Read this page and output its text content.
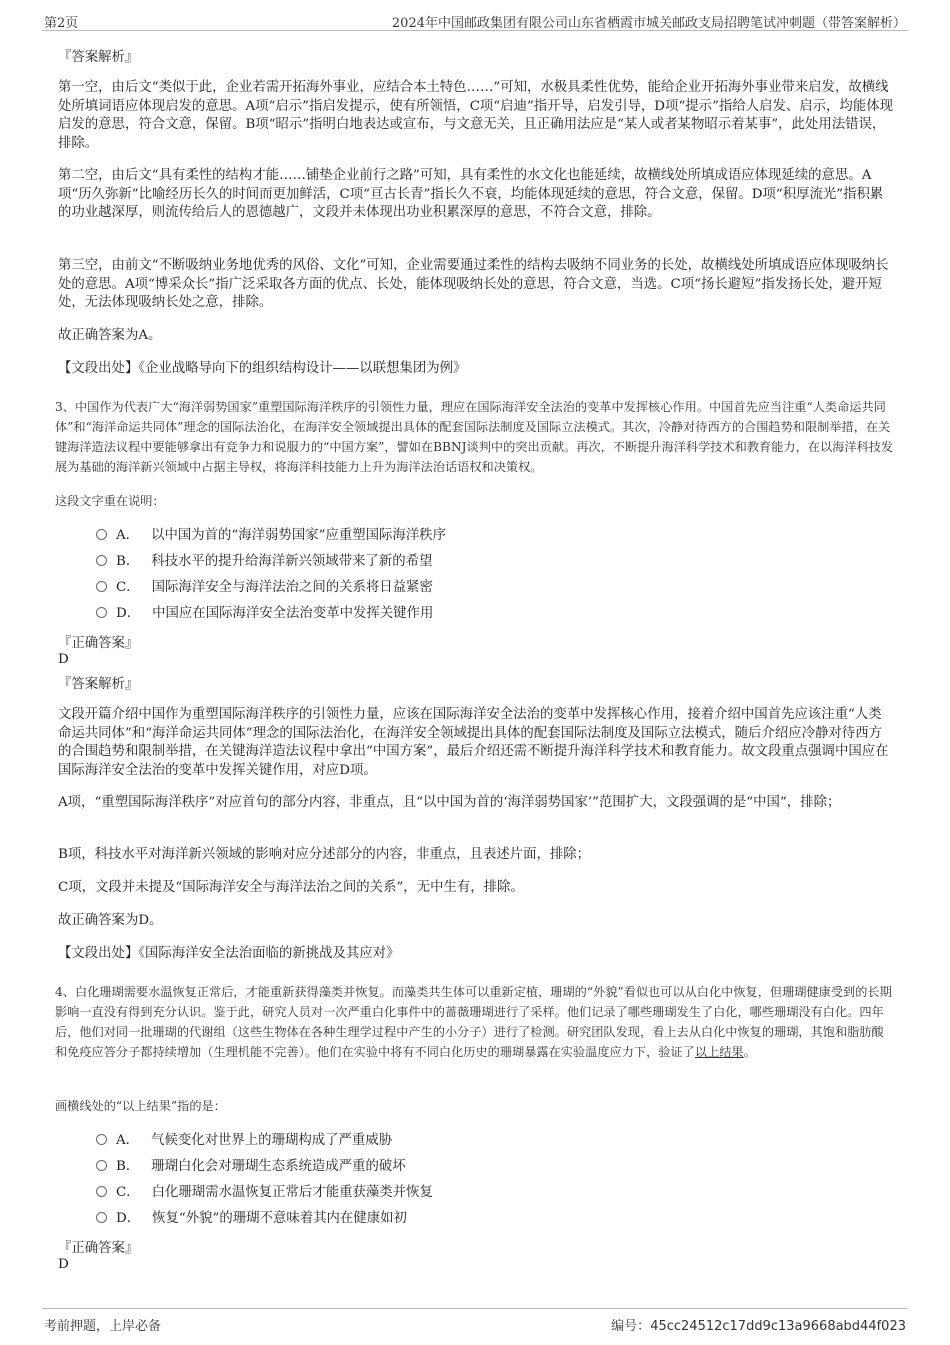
第2页	2024年中国邮政集团有限公司山东省栖霞市城关邮政支局招聘笔试冲刺题（带答案解析）

『答案解析』

第一空，由后文“类似于此，企业若需开拓海外事业，应结合本土特色……”可知，水极具柔性优势，能给企业开拓海外事业带来启发，故横线处所填词语应体现启发的意思。A项“启示”指启发提示，使有所领悟，C项“启迪”指开导，启发引导，D项“提示”指给人启发、启示，均能体现启发的意思，符合文意，保留。B项“昭示”指明白地表达或宣布，与文意无关，且正确用法应是“某人或者某物昭示着某事”，此处用法错误，排除。

第二空，由后文“具有柔性的结构才能……铺垫企业前行之路”可知，具有柔性的水文化也能延续，故横线处所填成语应体现延续的意思。A项“历久弥新”比喻经历长久的时间而更加鲜活，C项“亘古长青”指长久不衰，均能体现延续的意思，符合文意，保留。D项“积厚流光”指积累的功业越深厚，则流传给后人的恩德越广，文段并未体现出功业积累深厚的意思，不符合文意，排除。

第三空，由前文“不断吸纳业务地优秀的风俗、文化”可知，企业需要通过柔性的结构去吸纳不同业务的长处，故横线处所填成语应体现吸纳长处的意思。A项“博采众长”指广泛采取各方面的优点、长处，能体现吸纳长处的意思，符合文意，当选。C项“扬长避短”指发扬长处，避开短处，无法体现吸纳长处之意，排除。

故正确答案为A。

【文段出处】《企业战略导向下的组织结构设计——以联想集团为例》

3、中国作为代表广大“海洋弱势国家”重塑国际海洋秩序的引领性力量，理应在国际海洋安全法治的变革中发挥核心作用。中国首先应当注重“人类命运共同体”和“海洋命运共同体”理念的国际法治化，在海洋安全领域提出具体的配套国际法制度及国际立法模式。其次，冷静对待西方的合围趋势和限制举措，在关键海洋造法议程中要能够拿出有竞争力和说服力的“中国方案”，譬如在BBNJ谈判中的突出贡献。再次，不断提升海洋科学技术和教育能力，在以海洋科技发展为基础的海洋新兴领域中占据主导权，将海洋科技能力上升为海洋法治话语权和决策权。

这段文字重在说明：

A． 以中国为首的“海洋弱势国家”应重塑国际海洋秩序
B． 科技水平的提升给海洋新兴领域带来了新的希望
C． 国际海洋安全与海洋法治之间的关系将日益紧密
D． 中国应在国际海洋安全法治变革中发挥关键作用

『正确答案』

D

『答案解析』

文段开篇介绍中国作为重塑国际海洋秩序的引领性力量，应该在国际海洋安全法治的变革中发挥核心作用，接着介绍中国首先应该注重“人类命运共同体”和“海洋命运共同体”理念的国际法治化，在海洋安全领域提出具体的配套国际法制度及国际立法模式，随后介绍应冷静对待西方的合围趋势和限制举措，在关键海洋造法议程中拿出“中国方案”，最后介绍还需不断提升海洋科学技术和教育能力。故文段重点强调中国应在国际海洋安全法治的变革中发挥关键作用，对应D项。

A项，“重塑国际海洋秩序”对应首句的部分内容，非重点，且“以中国为首的‘海洋弱势国家’”范围扩大，文段强调的是“中国”，排除；

B项，科技水平对海洋新兴领域的影响对应分述部分的内容，非重点，且表述片面，排除；

C项，文段并未提及“国际海洋安全与海洋法治之间的关系”，无中生有，排除。

故正确答案为D。

【文段出处】《国际海洋安全法治面临的新挑战及其应对》

4、白化珊瑚需要水温恢复正常后，才能重新获得藻类并恢复。而藻类共生体可以重新定植，珊瑚的“外貌”看似也可以从白化中恢复，但珊瑚健康受到的长期影响一直没有得到充分认识。鉴于此，研究人员对一次严重白化事件中的蔷薇珊瑚进行了采样。他们记录了哪些珊瑚发生了白化，哪些珊瑚没有白化。四年后，他们对同一批珊瑚的代谢组（这些生物体在各种生理学过程中产生的小分子）进行了检测。研究团队发现，看上去从白化中恢复的珊瑚，其饱和脂肪酸和免疫应答分子都持续增加（生理机能不完善）。他们在实验中将有不同白化历史的珊瑚暴露在实验温度应力下，验证了以上结果。

画横线处的“以上结果”指的是：

A． 气候变化对世界上的珊瑚构成了严重威胁
B． 珊瑚白化会对珊瑚生态系统造成严重的破坏
C． 白化珊瑚需水温恢复正常后才能重获藻类并恢复
D． 恢复“外貌”的珊瑚不意味着其内在健康如初

『正确答案』

D

考前押题，上岸必备	编号：45cc24512c17dd9c13a9668abd44f023
